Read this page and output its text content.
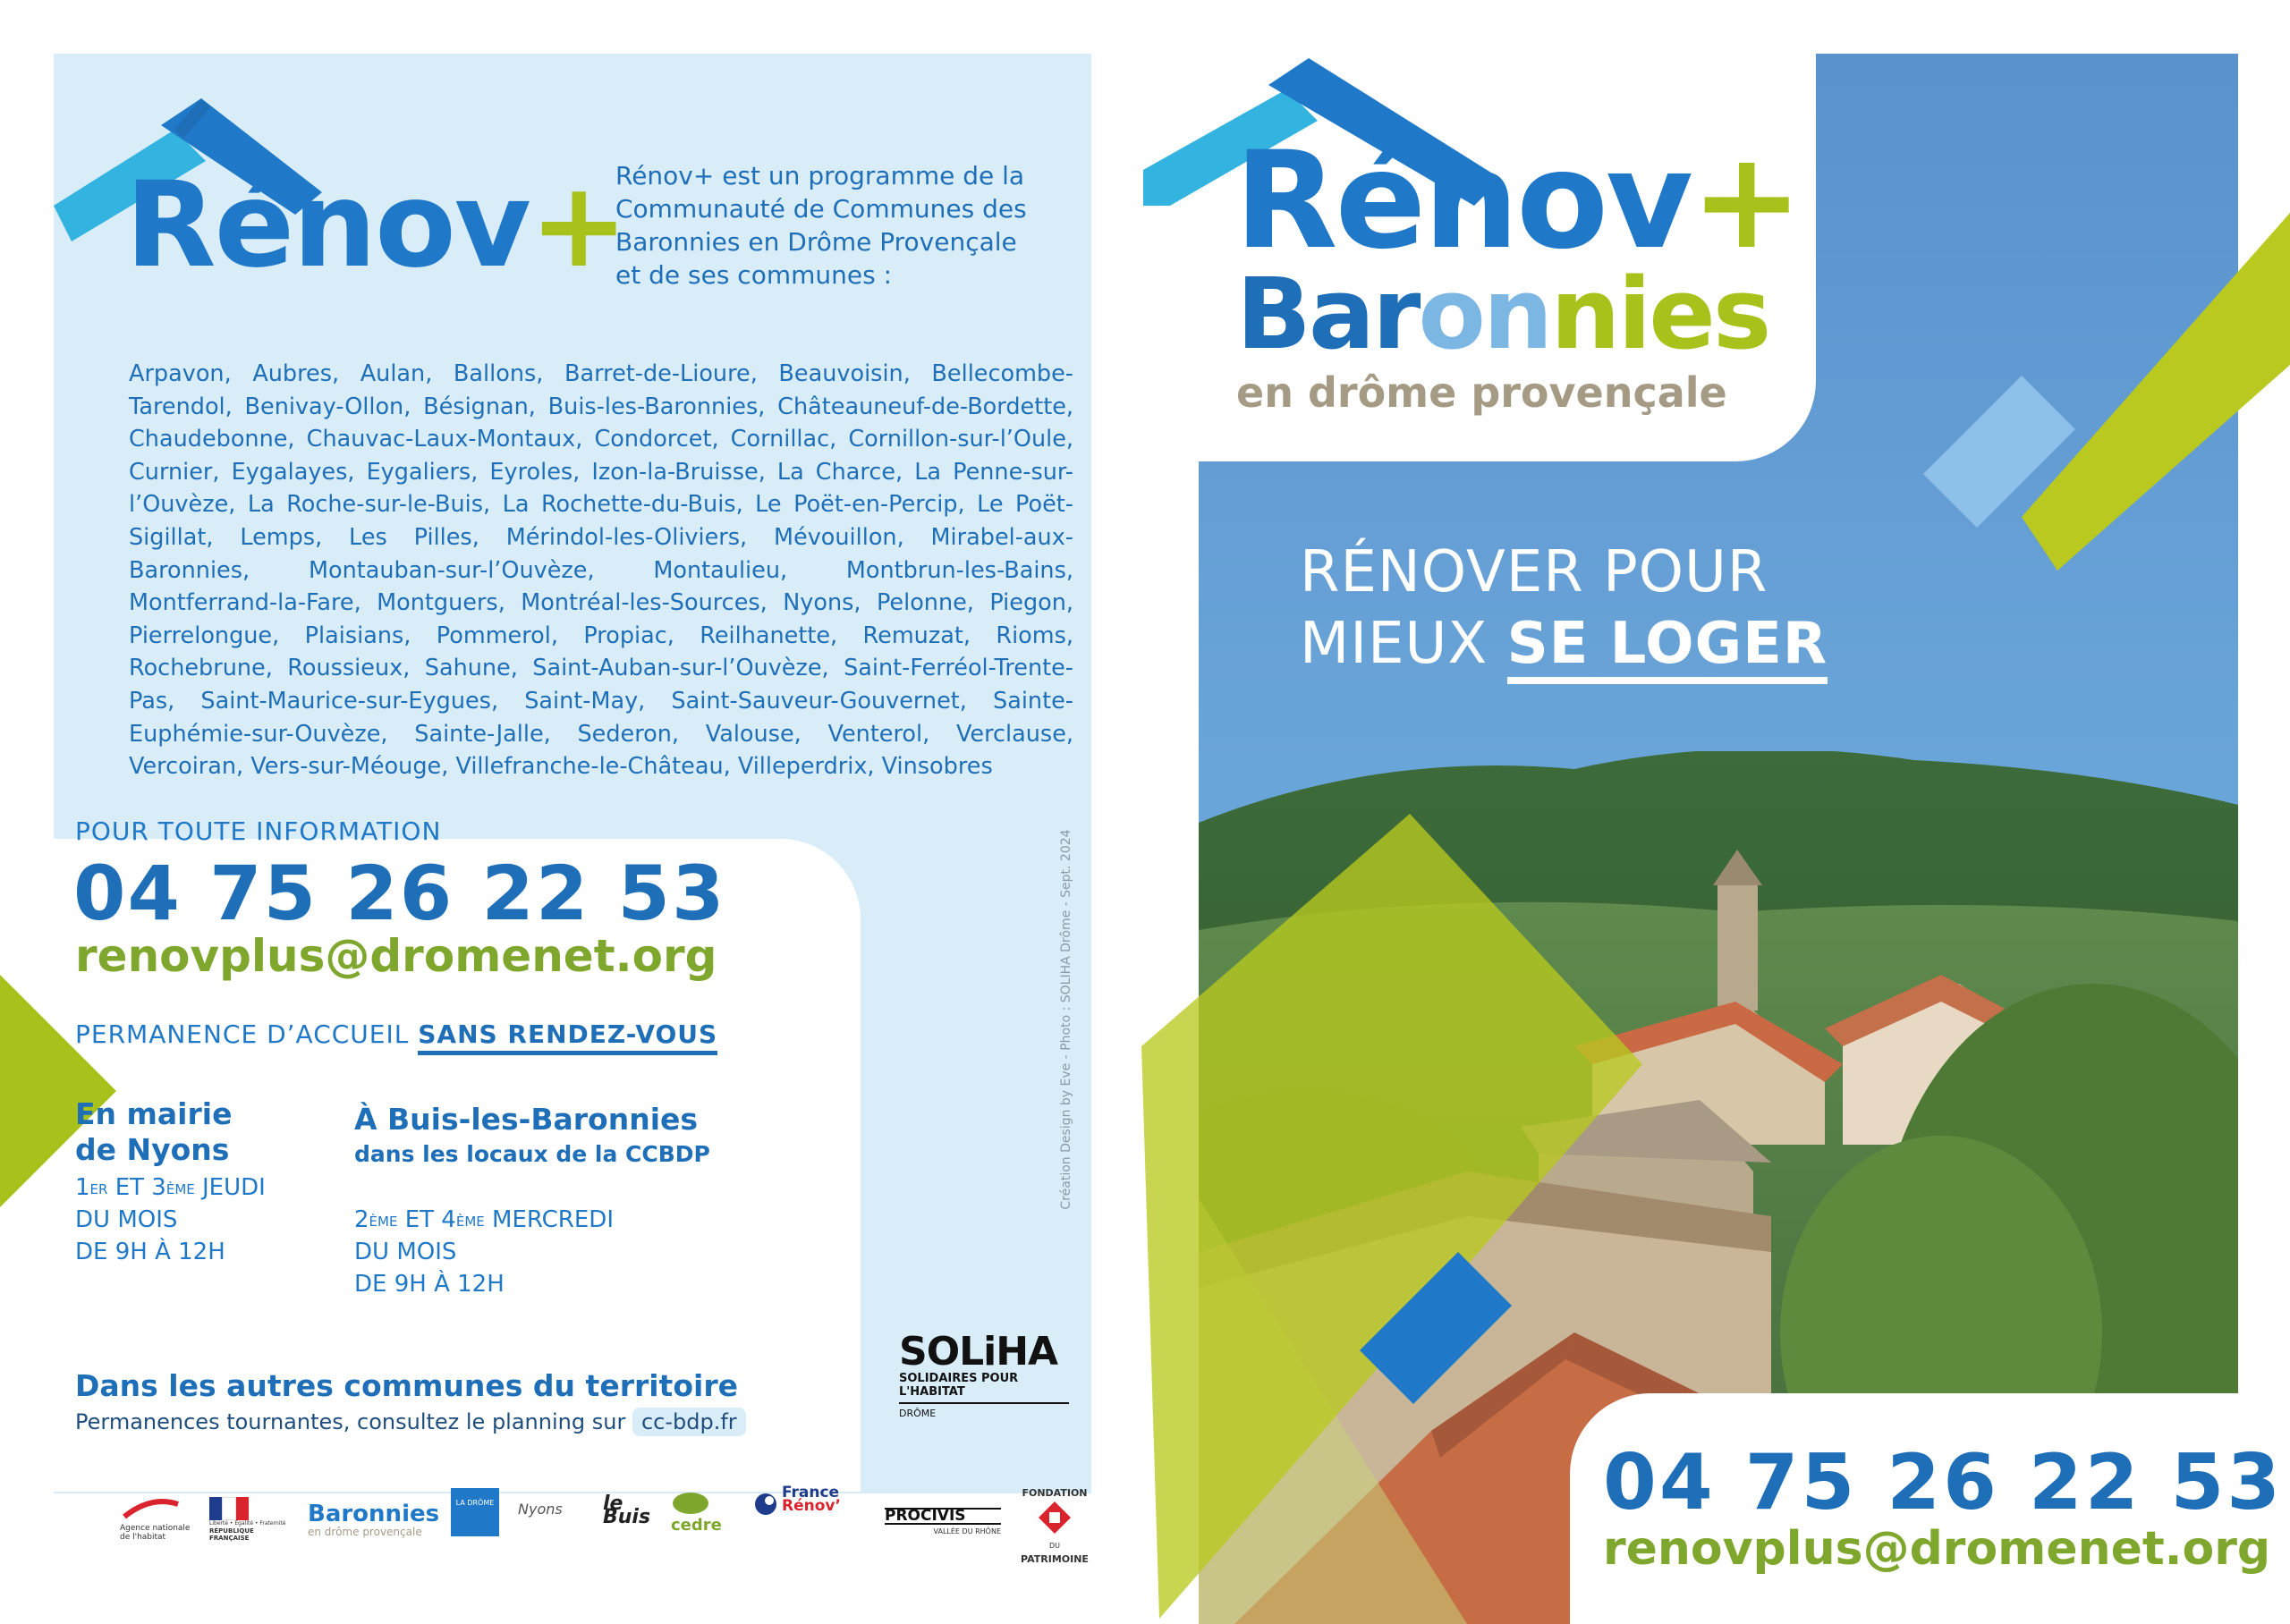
Rénov+

Rénov+ est un programme de la Communauté de Communes des Baronnies en Drôme Provençale et de ses communes :

Arpavon, Aubres, Aulan, Ballons, Barret-de-Lioure, Beauvoisin, Bellecombe-Tarendol, Benivay-Ollon, Bésignan, Buis-les-Baronnies, Châteauneuf-de-Bordette, Chaudebonne, Chauvac-Laux-Montaux, Condorcet, Cornillac, Cornillon-sur-l’Oule, Curnier, Eygalayes, Eygaliers, Eyroles, Izon-la-Bruisse, La Charce, La Penne-sur-l’Ouvèze, La Roche-sur-le-Buis, La Rochette-du-Buis, Le Poët-en-Percip, Le Poët-Sigillat, Lemps, Les Pilles, Mérindol-les-Oliviers, Mévouillon, Mirabel-aux-Baronnies, Montauban-sur-l’Ouvèze, Montaulieu, Montbrun-les-Bains, Montferrand-la-Fare, Montguers, Montréal-les-Sources, Nyons, Pelonne, Piegon, Pierrelongue, Plaisians, Pommerol, Propiac, Reilhanette, Remuzat, Rioms, Rochebrune, Roussieux, Sahune, Saint-Auban-sur-l’Ouvèze, Saint-Ferréol-Trente-Pas, Saint-Maurice-sur-Eygues, Saint-May, Saint-Sauveur-Gouvernet, Sainte-Euphémie-sur-Ouvèze, Sainte-Jalle, Sederon, Valouse, Venterol, Verclause, Vercoiran, Vers-sur-Méouge, Villefranche-le-Château, Villeperdrix, Vinsobres

Création Design by Eve - Photo : SOLIHA Drôme - Sept. 2024
POUR TOUTE INFORMATION
04 75 26 22 53
renovplus@dromenet.org
PERMANENCE D’ACCUEIL SANS RENDEZ-VOUS
En mairie
de Nyons
1ER ET 3ÈME JEUDI
DU MOIS
DE 9H À 12H
À Buis-les-Baronnies
dans les locaux de la CCBDP
2ÈME ET 4ÈME MERCREDI
DU MOIS
DE 9H À 12H
Dans les autres communes du territoire
Permanences tournantes, consultez le planning sur cc-bdp.fr
SOLiHA
SOLIDAIRES POUR L'HABITAT
DRÔME
Agence nationale de l'habitat
Liberté • Égalité • Fraternité
RÉPUBLIQUE FRANÇAISE
Baronnies
en drôme provençale
LA DRÔME	Nyons	le Buis	cedre
France
Rénov’
PROCIVIS
VALLÉE DU RHÔNE
FONDATION
DU
PATRIMOINE
Rénov+
Baronnies
en drôme provençale
RÉNOVER POUR
MIEUX SE LOGER
04 75 26 22 53
renovplus@dromenet.org
